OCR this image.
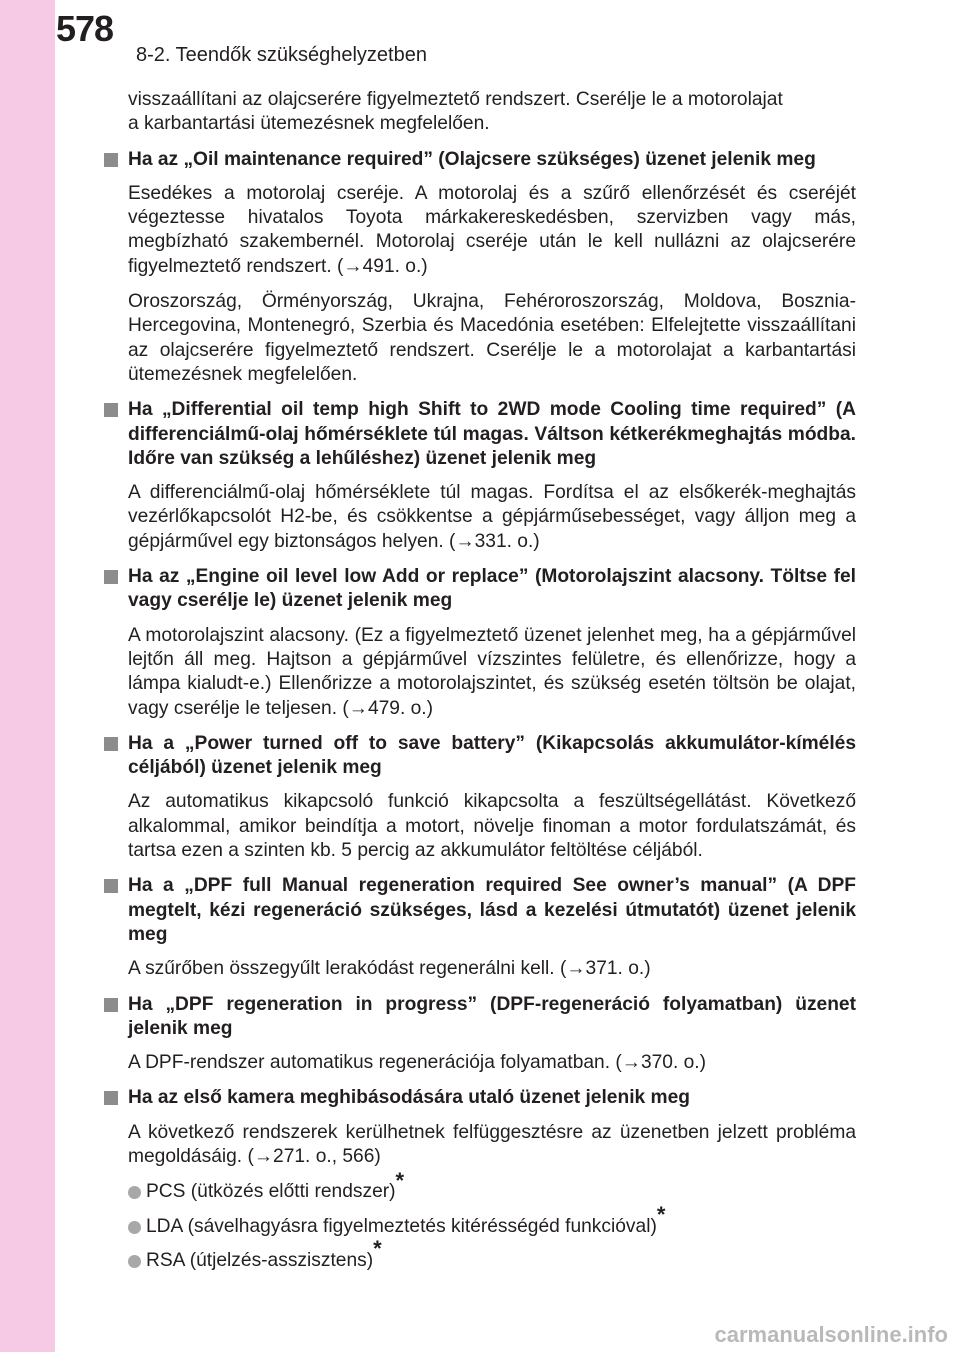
578
8-2. Teendők szükséghelyzetben
visszaállítani az olajcserére figyelmeztető rendszert. Cserélje le a motorolajat
a karbantartási ütemezésnek megfelelően.
Ha az „Oil maintenance required” (Olajcsere szükséges) üzenet jelenik meg
Esedékes a motorolaj cseréje. A motorolaj és a szűrő ellenőrzését és cseréjét végeztesse hivatalos Toyota márkakereskedésben, szervizben vagy más, megbízható szakembernél. Motorolaj cseréje után le kell nullázni az olajcserére figyelmeztető rendszert. (→491. o.)
Oroszország, Örményország, Ukrajna, Fehéroroszország, Moldova, Bosznia-Hercegovina, Montenegró, Szerbia és Macedónia esetében: Elfelejtette visszaállítani az olajcserére figyelmeztető rendszert. Cserélje le a motorolajat a karbantartási ütemezésnek megfelelően.
Ha „Differential oil temp high Shift to 2WD mode Cooling time required” (A differenciálmű-olaj hőmérséklete túl magas. Váltson kétkerékmeghajtás módba. Időre van szükség a lehűléshez) üzenet jelenik meg
A differenciálmű-olaj hőmérséklete túl magas. Fordítsa el az elsőkerék-meghajtás vezérlőkapcsolót H2-be, és csökkentse a gépjárműsebességet, vagy álljon meg a gépjárművel egy biztonságos helyen. (→331. o.)
Ha az „Engine oil level low Add or replace” (Motorolajszint alacsony. Töltse fel vagy cserélje le) üzenet jelenik meg
A motorolajszint alacsony. (Ez a figyelmeztető üzenet jelenhet meg, ha a gépjárművel lejtőn áll meg. Hajtson a gépjárművel vízszintes felületre, és ellenőrizze, hogy a lámpa kialudt-e.) Ellenőrizze a motorolajszintet, és szükség esetén töltsön be olajat, vagy cserélje le teljesen. (→479. o.)
Ha a „Power turned off to save battery” (Kikapcsolás akkumulátor-kímélés céljából) üzenet jelenik meg
Az automatikus kikapcsoló funkció kikapcsolta a feszültségellátást. Következő alkalommal, amikor beindítja a motort, növelje finoman a motor fordulatszámát, és tartsa ezen a szinten kb. 5 percig az akkumulátor feltöltése céljából.
Ha a „DPF full Manual regeneration required See owner’s manual” (A DPF megtelt, kézi regeneráció szükséges, lásd a kezelési útmutatót) üzenet jelenik meg
A szűrőben összegyűlt lerakódást regenerálni kell. (→371. o.)
Ha „DPF regeneration in progress” (DPF-regeneráció folyamatban) üzenet jelenik meg
A DPF-rendszer automatikus regenerációja folyamatban. (→370. o.)
Ha az első kamera meghibásodására utaló üzenet jelenik meg
A következő rendszerek kerülhetnek felfüggesztésre az üzenetben jelzett probléma megoldásáig. (→271. o., 566)
PCS (ütközés előtti rendszer)*
LDA (sávelhagyásra figyelmeztetés kitérésségéd funkcióval)*
RSA (útjelzés-asszisztens)*
carmanualsonline.info
